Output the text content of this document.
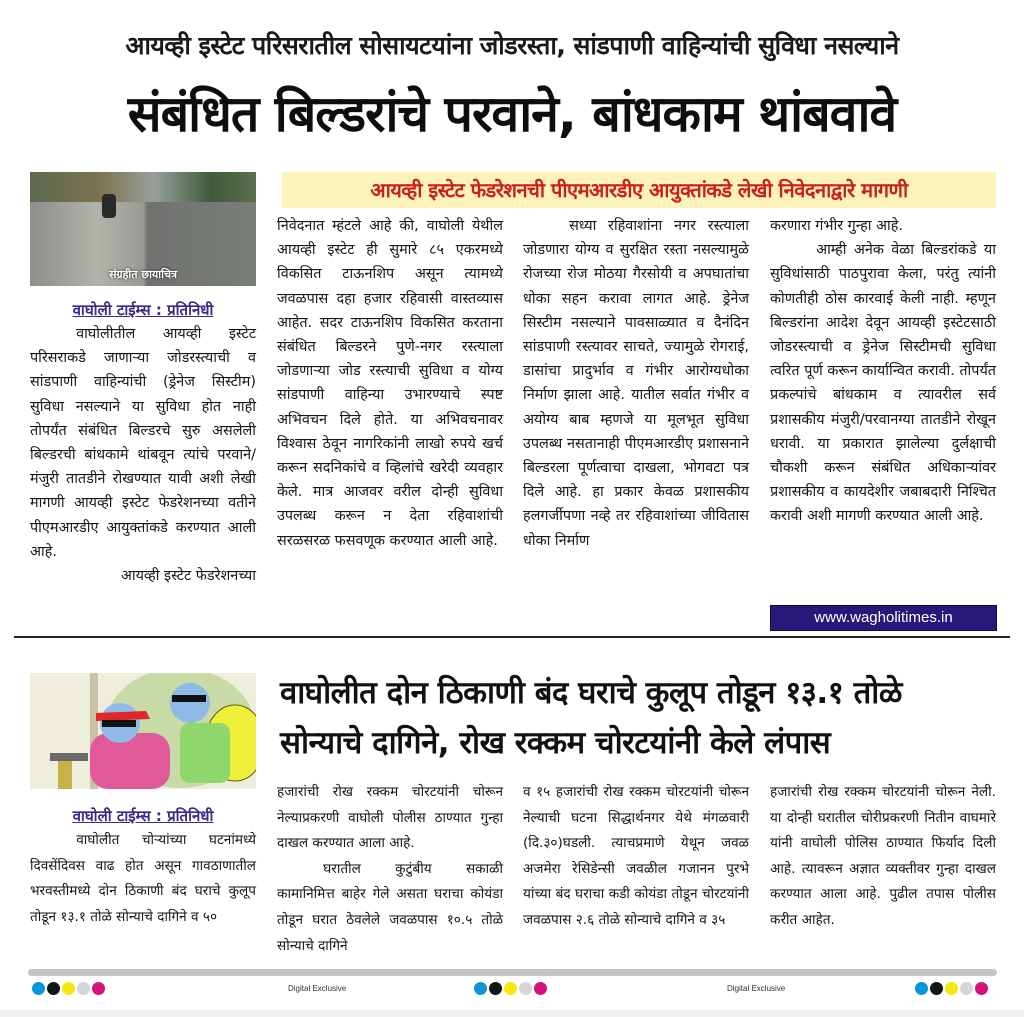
आयव्ही इस्टेट परिसरातील सोसायटयांना जोडरस्ता, सांडपाणी वाहिन्यांची सुविधा नसल्याने
संबंधित बिल्डरांचे परवाने, बांधकाम थांबवावे
संग्रहीत छायाचित्र
आयव्ही इस्टेट फेडरेशनची पीएमआरडीए आयुक्तांकडे लेखी निवेदनाद्वारे मागणी
वाघोली टाईम्स : प्रतिनिधी

वाघोलीतील आयव्ही इस्टेट परिसराकडे जाणाऱ्या जोडरस्त्याची व सांडपाणी वाहिन्यांची (ड्रेनेज सिस्टीम) सुविधा नसल्याने या सुविधा होत नाही तोपर्यंत संबंधित बिल्डरचे सुरु असलेली बिल्डरची बांधकामे थांबवून त्यांचे परवाने/मंजुरी तातडीने रोखण्यात यावी अशी लेखी मागणी आयव्ही इस्टेट फेडरेशनच्या वतीने पीएमआरडीए आयुक्तांकडे करण्यात आली आहे.

आयव्ही इस्टेट फेडरेशनच्या

निवेदनात म्हंटले आहे की, वाघोली येथील आयव्ही इस्टेट ही सुमारे ८५ एकरमध्ये विकसित टाऊनशिप असून त्यामध्ये जवळपास दहा हजार रहिवासी वास्तव्यास आहेत. सदर टाऊनशिप विकसित करताना संबंधित बिल्डरने पुणे-नगर रस्त्याला जोडणाऱ्या जोड रस्त्याची सुविधा व योग्य सांडपाणी वाहिन्या उभारण्याचे स्पष्ट अभिवचन दिले होते. या अभिवचनावर विश्वास ठेवून नागरिकांनी लाखो रुपये खर्च करून सदनिकांचे व व्हिलांचे खरेदी व्यवहार केले. मात्र आजवर वरील दोन्ही सुविधा उपलब्ध करून न देता रहिवाशांची सरळसरळ फसवणूक करण्यात आली आहे.

सध्या रहिवाशांना नगर रस्त्याला जोडणारा योग्य व सुरक्षित रस्ता नसल्यामुळे रोजच्या रोज मोठया गैरसोयी व अपघातांचा धोका सहन करावा लागत आहे. ड्रेनेज सिस्टीम नसल्याने पावसाळ्यात व दैनंदिन सांडपाणी रस्त्यावर साचते, ज्यामुळे रोगराई, डासांचा प्रादुर्भाव व गंभीर आरोग्यधोका निर्माण झाला आहे. यातील सर्वात गंभीर व अयोग्य बाब म्हणजे या मूलभूत सुविधा उपलब्ध नसतानाही पीएमआरडीए प्रशासनाने बिल्डरला पूर्णत्वाचा दाखला, भोगवटा पत्र दिले आहे. हा प्रकार केवळ प्रशासकीय हलगर्जीपणा नव्हे तर रहिवाशांच्या जीवितास धोका निर्माण

करणारा गंभीर गुन्हा आहे.

आम्ही अनेक वेळा बिल्डरांकडे या सुविधांसाठी पाठपुरावा केला, परंतु त्यांनी कोणतीही ठोस कारवाई केली नाही. म्हणून बिल्डरांना आदेश देवून आयव्ही इस्टेटसाठी जोडरस्त्याची व ड्रेनेज सिस्टीमची सुविधा त्वरित पूर्ण करून कार्यान्वित करावी. तोपर्यंत प्रकल्पांचे बांधकाम व त्यावरील सर्व प्रशासकीय मंजुरी/परवानग्या तातडीने रोखून धरावी. या प्रकारात झालेल्या दुर्लक्षाची चौकशी करून संबंधित अधिकाऱ्यांवर प्रशासकीय व कायदेशीर जबाबदारी निश्चित करावी अशी मागणी करण्यात आली आहे.

www.wagholitimes.in
वाघोलीत दोन ठिकाणी बंद घराचे कुलूप तोडून १३.१ तोळे
सोन्याचे दागिने, रोख रक्कम चोरटयांनी केले लंपास
वाघोली टाईम्स : प्रतिनिधी

वाघोलीत चोऱ्यांच्या घटनांमध्ये दिवसेंदिवस वाढ होत असून गावठाणातील भरवस्तीमध्ये दोन ठिकाणी बंद घराचे कुलूप तोडून १३.१ तोळे सोन्याचे दागिने व ५०

हजारांची रोख रक्कम चोरटयांनी चोरून नेल्याप्रकरणी वाघोली पोलीस ठाण्यात गुन्हा दाखल करण्यात आला आहे.

घरातील कुटुंबीय सकाळी कामानिमित्त बाहेर गेले असता घराचा कोयंडा तोडून घरात ठेवलेले जवळपास १०.५ तोळे सोन्याचे दागिने

व १५ हजारांची रोख रक्कम चोरटयांनी चोरून नेल्याची घटना सिद्धार्थनगर येथे मंगळवारी (दि.३०)घडली. त्याचप्रमाणे येथून जवळ अजमेरा रेसिडेन्सी जवळील गजानन पुरभे यांच्या बंद घराचा कडी कोयंडा तोडून चोरटयांनी जवळपास २.६ तोळे सोन्याचे दागिने व ३५

हजारांची रोख रक्कम चोरटयांनी चोरून नेली. या दोन्ही घरातील चोरीप्रकरणी नितीन वाघमारे यांनी वाघोली पोलिस ठाण्यात फिर्याद दिली आहे. त्यावरून अज्ञात व्यक्तीवर गुन्हा दाखल करण्यात आला आहे. पुढील तपास पोलीस करीत आहेत.

Digital Exclusive	Digital Exclusive
